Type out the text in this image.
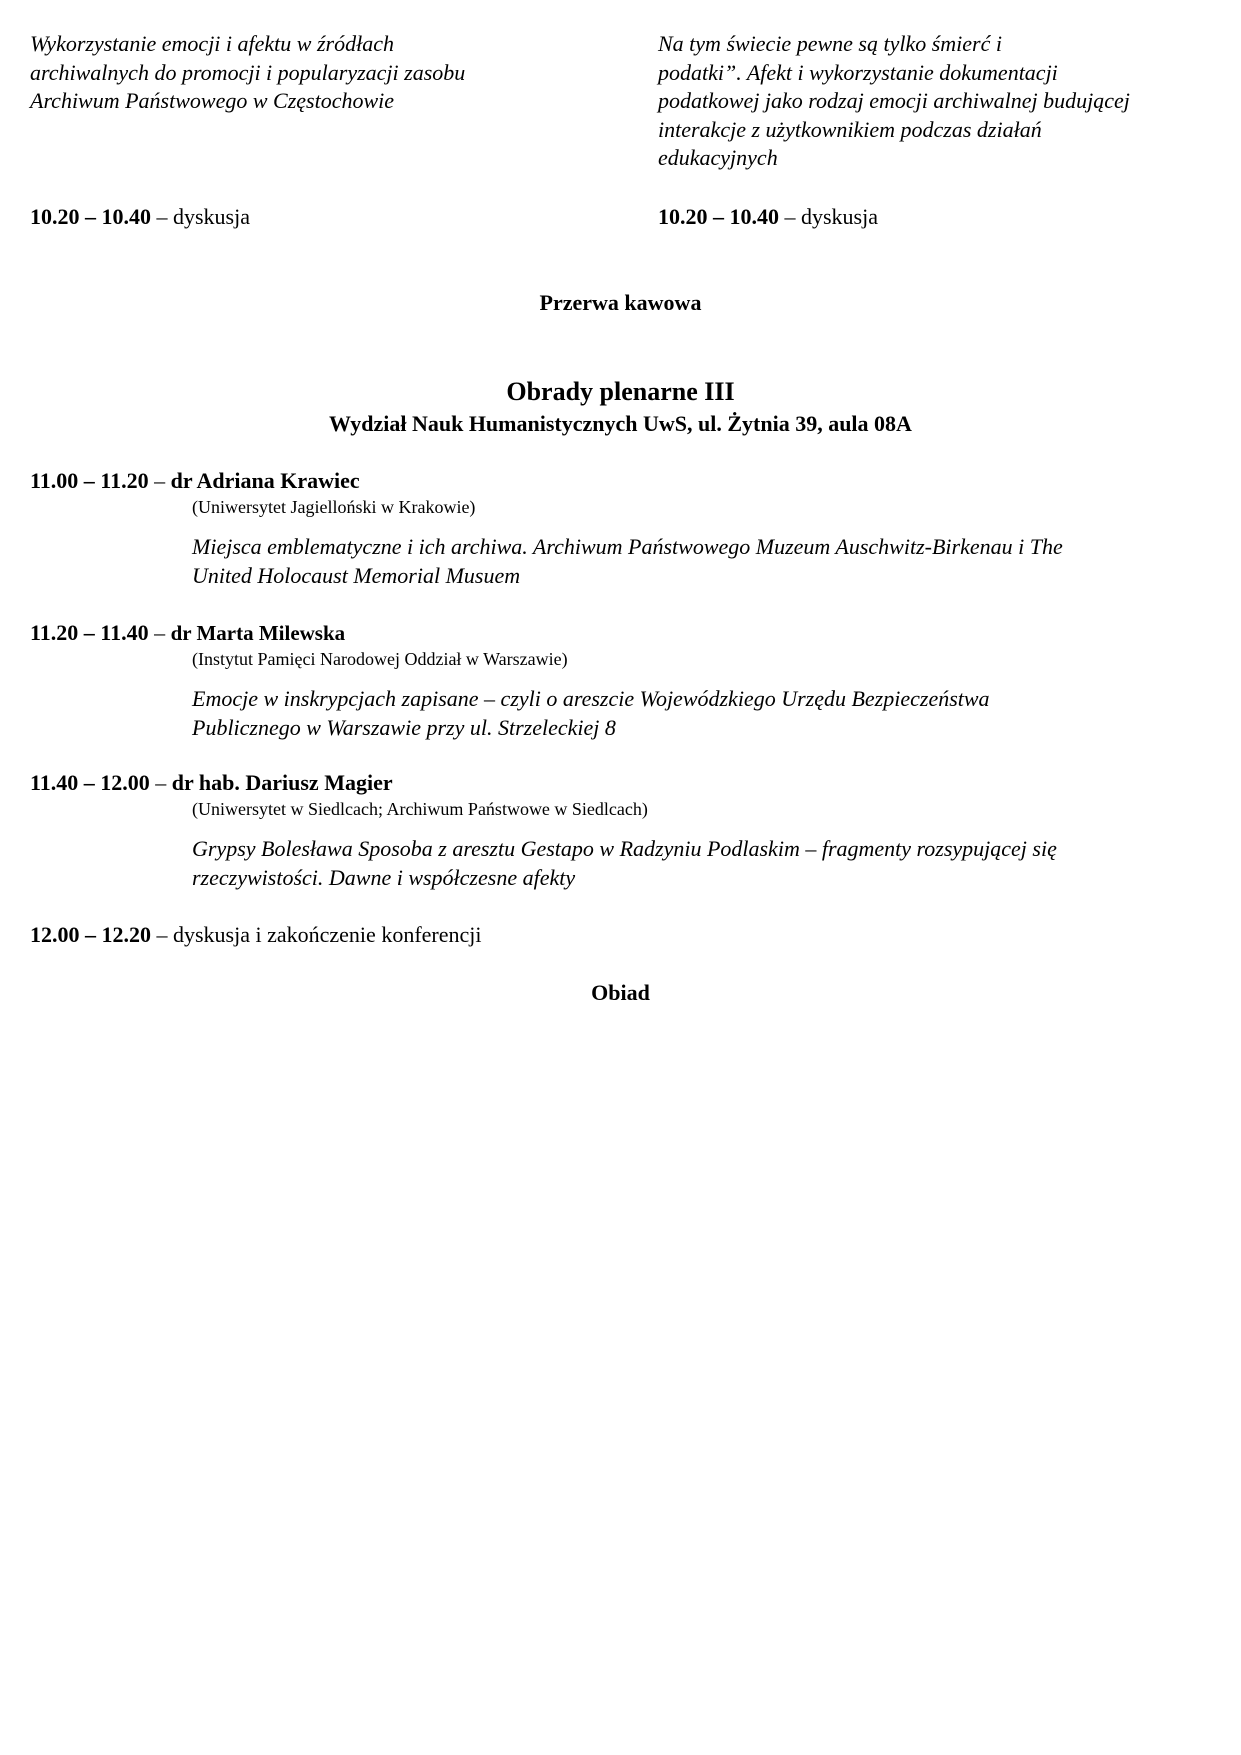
Wykorzystanie emocji i afektu w źródłach
archiwalnych do promocji i popularyzacji zasobu
Archiwum Państwowego w Częstochowie
10.20 – 10.40 – dyskusja
Na tym świecie pewne są tylko śmierć i
podatki”. Afekt i wykorzystanie dokumentacji
podatkowej jako rodzaj emocji archiwalnej budującej
interakcje z użytkownikiem podczas działań
edukacyjnych
10.20 – 10.40 – dyskusja
Przerwa kawowa
Obrady plenarne III
Wydział Nauk Humanistycznych UwS, ul. Żytnia 39, aula 08A
11.00 – 11.20 – dr Adriana Krawiec
(Uniwersytet Jagielloński w Krakowie)
Miejsca emblematyczne i ich archiwa. Archiwum Państwowego Muzeum Auschwitz-Birkenau i The
United Holocaust Memorial Musuem
11.20 – 11.40 – dr Marta Milewska
(Instytut Pamięci Narodowej Oddział w Warszawie)
Emocje w inskrypcjach zapisane – czyli o areszcie Wojewódzkiego Urzędu Bezpieczeństwa
Publicznego w Warszawie przy ul. Strzeleckiej 8
11.40 – 12.00 – dr hab. Dariusz Magier
(Uniwersytet w Siedlcach; Archiwum Państwowe w Siedlcach)
Grypsy Bolesława Sposoba z aresztu Gestapo w Radzyniu Podlaskim – fragmenty rozsypującej się
rzeczywistości. Dawne i współczesne afekty
12.00 – 12.20 – dyskusja i zakończenie konferencji
Obiad
